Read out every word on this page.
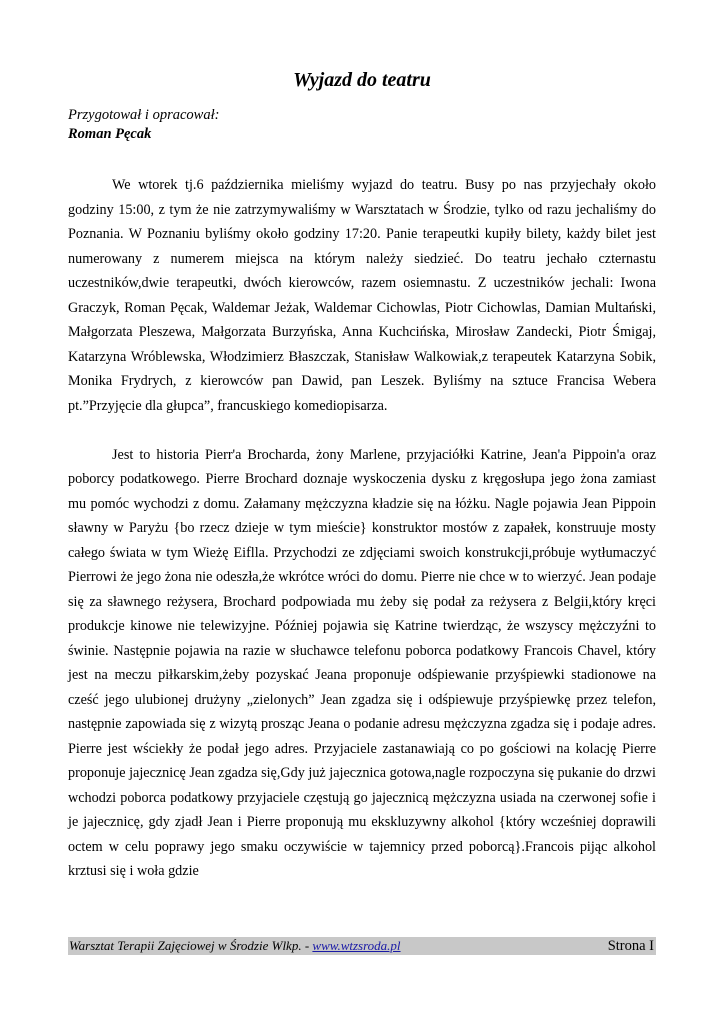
Wyjazd do teatru
Przygotował i opracował:
Roman Pęcak

We wtorek tj.6 października mieliśmy wyjazd do teatru. Busy po nas przyjechały około godziny 15:00, z tym że nie zatrzymywaliśmy w Warsztatach w Środzie, tylko od razu jechaliśmy do Poznania. W Poznaniu byliśmy około godziny 17:20. Panie terapeutki kupiły bilety, każdy bilet jest numerowany z numerem miejsca na którym należy siedzieć. Do teatru jechało czternastu uczestników,dwie terapeutki, dwóch kierowców, razem osiemnastu. Z uczestników jechali: Iwona Graczyk, Roman Pęcak, Waldemar Jeżak, Waldemar Cichowlas, Piotr Cichowlas, Damian Multański, Małgorzata Pleszewa, Małgorzata Burzyńska, Anna Kuchcińska, Mirosław Zandecki, Piotr Śmigaj, Katarzyna Wróblewska, Włodzimierz Błaszczak, Stanisław Walkowiak,z terapeutek Katarzyna Sobik, Monika Frydrych, z kierowców pan Dawid, pan Leszek. Byliśmy na sztuce Francisa Webera pt.”Przyjęcie dla głupca”, francuskiego komediopisarza.

Jest to historia Pierr'a Brocharda, żony Marlene, przyjaciółki Katrine, Jean'a Pippoin'a oraz poborcy podatkowego. Pierre Brochard doznaje wyskoczenia dysku z kręgosłupa jego żona zamiast mu pomóc wychodzi z domu. Załamany mężczyzna kładzie się na łóżku. Nagle pojawia Jean Pippoin sławny w Paryżu {bo rzecz dzieje w tym mieście} konstruktor mostów z zapałek, konstruuje mosty całego świata w tym Wieżę Eiflla. Przychodzi ze zdjęciami swoich konstrukcji,próbuje wytłumaczyć Pierrowi że jego żona nie odeszła,że wkrótce wróci do domu. Pierre nie chce w to wierzyć. Jean podaje się za sławnego reżysera, Brochard podpowiada mu żeby się podał za reżysera z Belgii,który kręci produkcje kinowe nie telewizyjne. Później pojawia się Katrine twierdząc, że wszyscy mężczyźni to świnie. Następnie pojawia na razie w słuchawce telefonu poborca podatkowy Francois Chavel, który jest na meczu piłkarskim,żeby pozyskać Jeana proponuje odśpiewanie przyśpiewki stadionowe na cześć jego ulubionej drużyny „zielonych” Jean zgadza się i odśpiewuje przyśpiewkę przez telefon, następnie zapowiada się z wizytą prosząc Jeana o podanie adresu mężczyzna zgadza się i podaje adres. Pierre jest wściekły że podał jego adres. Przyjaciele zastanawiają co po gościowi na kolację Pierre proponuje jajecznicę Jean zgadza się,Gdy już jajecznica gotowa,nagle rozpoczyna się pukanie do drzwi wchodzi poborca podatkowy przyjaciele częstują go jajecznicą mężczyzna usiada na czerwonej sofie i je jajecznicę, gdy zjadł Jean i Pierre proponują mu ekskluzywny alkohol {który wcześniej doprawili octem w celu poprawy jego smaku oczywiście w tajemnicy przed poborcą}.Francois pijąc alkohol krztusi się i woła gdzie

Warsztat Terapii Zajęciowej w Środzie Wlkp. - www.wtzsroda.pl	Strona I
